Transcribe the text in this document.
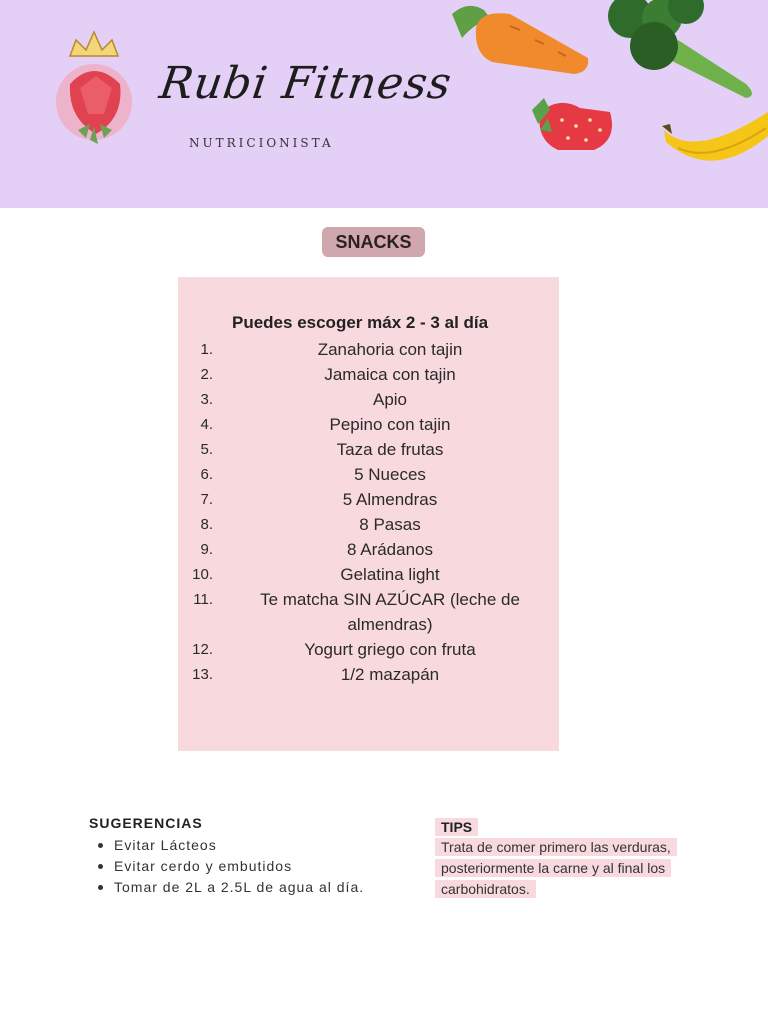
Rubi Fitness
NUTRICIONISTA
SNACKS
Puedes escoger máx 2 - 3 al día
1.	Zanahoria con tajin
2.	Jamaica con tajin
3.	Apio
4.	Pepino con tajin
5.	Taza de frutas
6.	5 Nueces
7.	5 Almendras
8.	8 Pasas
9.	8 Arádanos
10.	Gelatina light
11.	Te matcha SIN AZÚCAR (leche de almendras)
12.	Yogurt griego con fruta
13.	1/2 mazapán
SUGERENCIAS
Evitar Lácteos
Evitar cerdo y embutidos
Tomar de 2L a 2.5L de agua al día.
TIPS
Trata de comer primero las verduras, posteriormente la carne y al final los carbohidratos.
